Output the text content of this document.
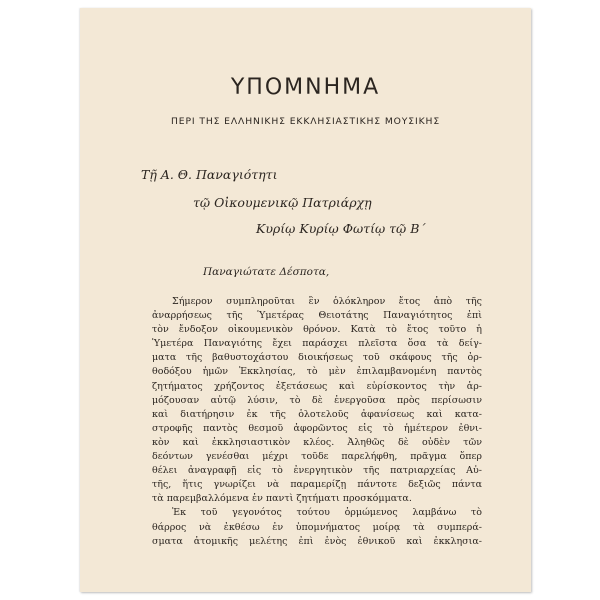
ΥΠΟΜΝΗΜΑ
ΠΕΡΙ ΤΗΣ ΕΛΛΗΝΙΚΗΣ ΕΚΚΛΗΣΙΑΣΤΙΚΗΣ ΜΟΥΣΙΚΗΣ
Τῇ Α. Θ. Παναγιότητι
τῷ Οἰκουμενικῷ Πατριάρχῃ
Κυρίῳ Κυρίῳ Φωτίῳ τῷ Β´
Παναγιώτατε Δέσποτα,
Σήμερον συμπληροῦται ἓν ὁλόκληρον ἔτος ἀπὸ τῆς
ἀναρρήσεως τῆς Ὑμετέρας Θειοτάτης Παναγιότητος ἐπὶ
τὸν ἔνδοξον οἰκουμενικὸν θρόνον. Κατὰ τὸ ἔτος τοῦτο ἡ
Ὑμετέρα Παναγιότης ἔχει παράσχει πλεῖστα ὅσα τὰ δείγ-
ματα τῆς βαθυστοχάστου διοικήσεως τοῦ σκάφους τῆς ὀρ-
θοδόξου ἡμῶν Ἐκκλησίας, τὸ μὲν ἐπιλαμβανομένη παντὸς
ζητήματος χρήζοντος ἐξετάσεως καὶ εὑρίσκοντος τὴν ἁρ-
μόζουσαν αὐτῷ λύσιν, τὸ δὲ ἐνεργοῦσα πρὸς περίσωσιν
καὶ διατήρησιν ἐκ τῆς ὁλοτελοῦς ἀφανίσεως καὶ κατα-
στροφῆς παντὸς θεσμοῦ ἀφορῶντος εἰς τὸ ἡμέτερον ἐθνι-
κὸν καὶ ἐκκλησιαστικὸν κλέος. Ἀληθῶς δὲ οὐδὲν τῶν
δεόντων γενέσθαι μέχρι τοῦδε παρελήφθη, πρᾶγμα ὅπερ
θέλει ἀναγραφῇ εἰς τὸ ἐνεργητικὸν τῆς πατριαρχείας Αὐ-
τῆς, ἥτις γνωρίζει νὰ παραμερίζῃ πάντοτε δεξιῶς πάντα
τὰ παρεμβαλλόμενα ἐν παντὶ ζητήματι προσκόμματα.
Ἐκ τοῦ γεγονότος τούτου ὁρμώμενος λαμβάνω τὸ
θάρρος νὰ ἐκθέσω ἐν ὑπομνήματος μοίρᾳ τὰ συμπερά-
σματα ἀτομικῆς μελέτης ἐπὶ ἑνὸς ἐθνικοῦ καὶ ἐκκλησια-
